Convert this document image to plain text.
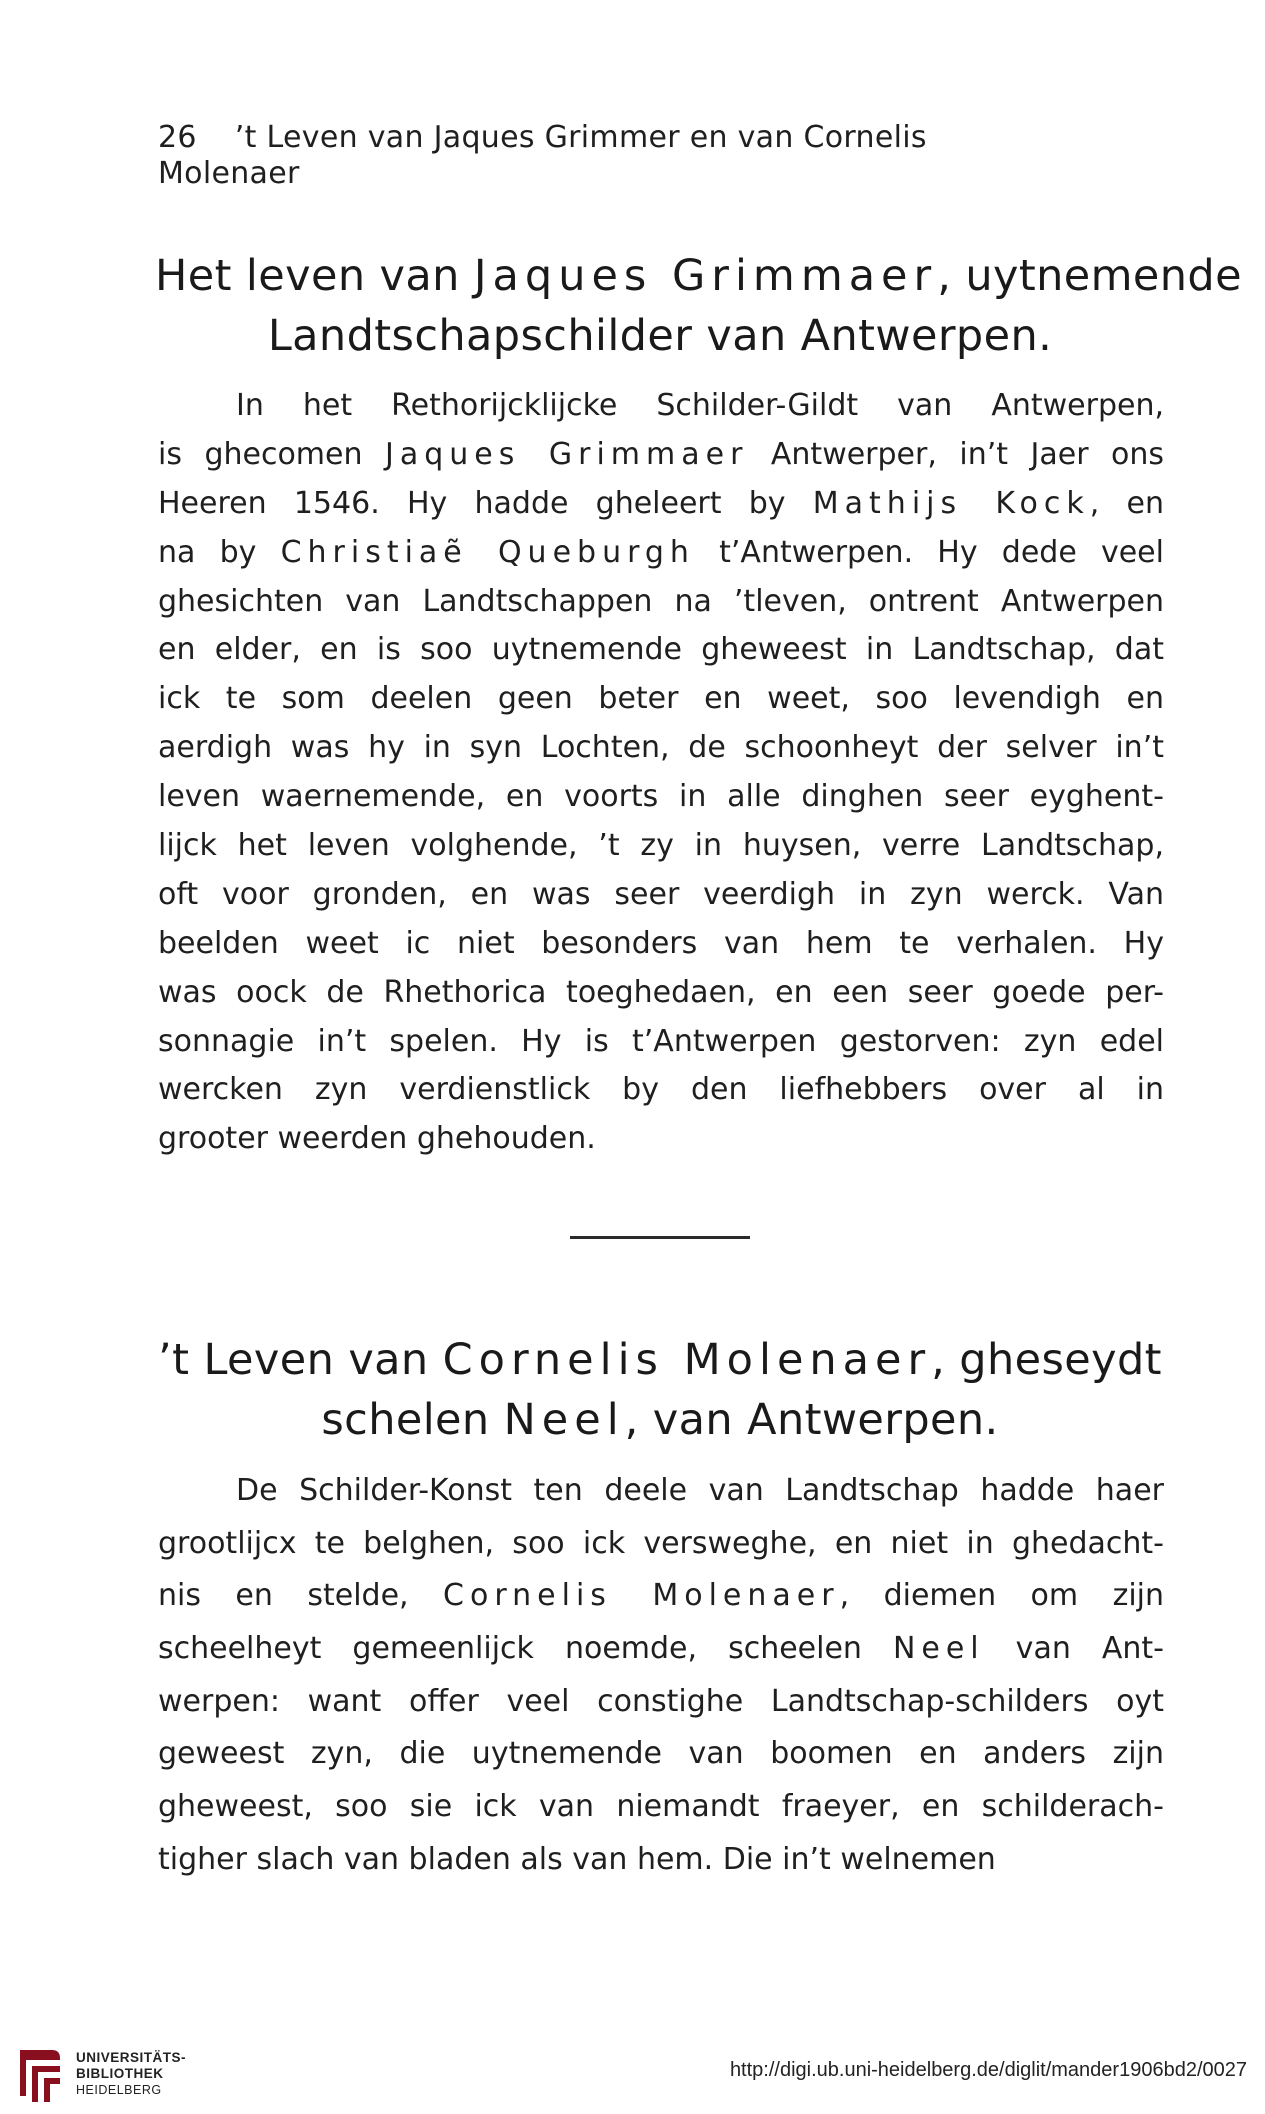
26 ’t Leven van Jaques Grimmer en van Cornelis Molenaer
Het leven van Jaques Grimmaer, uytnemende
Landtschapschilder van Antwerpen.
In het Rethorijcklijcke Schilder-Gildt van Antwerpen,
is ghecomen Jaques Grimmaer Antwerper, in’t Jaer ons
Heeren 1546. Hy hadde gheleert by Mathijs Kock, en
na by Christiaẽ Queburgh t’Antwerpen. Hy dede veel
ghesichten van Landtschappen na ’tleven, ontrent Antwerpen
en elder, en is soo uytnemende gheweest in Landtschap, dat
ick te som deelen geen beter en weet, soo levendigh en
aerdigh was hy in syn Lochten, de schoonheyt der selver in’t
leven waernemende, en voorts in alle dinghen seer eyghent-
lijck het leven volghende, ’t zy in huysen, verre Landtschap,
oft voor gronden, en was seer veerdigh in zyn werck. Van
beelden weet ic niet besonders van hem te verhalen. Hy
was oock de Rhethorica toeghedaen, en een seer goede per-
sonnagie in’t spelen. Hy is t’Antwerpen gestorven: zyn edel
wercken zyn verdienstlick by den liefhebbers over al in
grooter weerden ghehouden.
’t Leven van Cornelis Molenaer, gheseydt
schelen Neel, van Antwerpen.
De Schilder-Konst ten deele van Landtschap hadde haer
grootlijcx te belghen, soo ick versweghe, en niet in ghedacht-
nis en stelde, Cornelis Molenaer, diemen om zijn
scheelheyt gemeenlijck noemde, scheelen Neel van Ant-
werpen: want offer veel constighe Landtschap-schilders oyt
geweest zyn, die uytnemende van boomen en anders zijn
gheweest, soo sie ick van niemandt fraeyer, en schilderach-
tigher slach van bladen als van hem. Die in’t welnemen
UNIVERSITÄTS-
BIBLIOTHEK
HEIDELBERG
http://digi.ub.uni-heidelberg.de/diglit/mander1906bd2/0027
